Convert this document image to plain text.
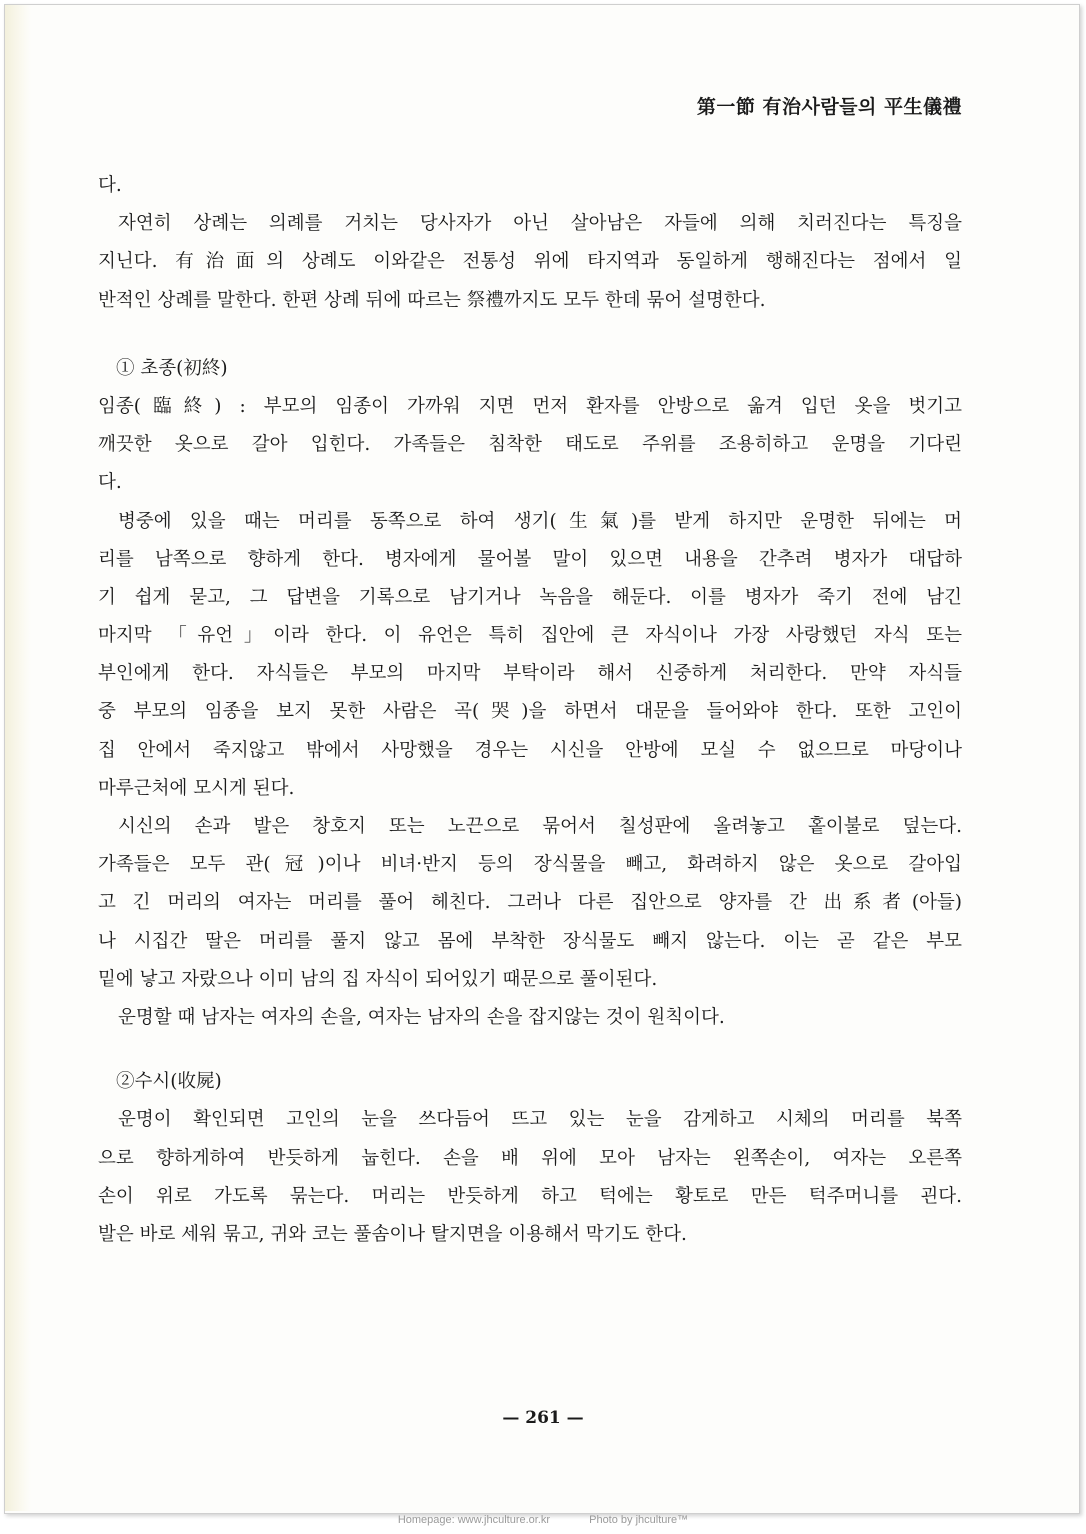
第一節 有治사람들의 平生儀禮
다.
자연히 상례는 의례를 거치는 당사자가 아닌 살아남은 자들에 의해 치러진다는 특징을
지닌다. 有治面의 상례도 이와같은 전통성 위에 타지역과 동일하게 행해진다는 점에서 일
반적인 상례를 말한다. 한편 상례 뒤에 따르는 祭禮까지도 모두 한데 묶어 설명한다.
① 초종(初終)
임종(臨終) : 부모의 임종이 가까워 지면 먼저 환자를 안방으로 옮겨 입던 옷을 벗기고
깨끗한 옷으로 갈아 입힌다. 가족들은 침착한 태도로 주위를 조용히하고 운명을 기다린
다.
병중에 있을 때는 머리를 동쪽으로 하여 생기(生氣)를 받게 하지만 운명한 뒤에는 머
리를 남쪽으로 향하게 한다. 병자에게 물어볼 말이 있으면 내용을 간추려 병자가 대답하
기 쉽게 묻고, 그 답변을 기록으로 남기거나 녹음을 해둔다. 이를 병자가 죽기 전에 남긴
마지막 「유언」이라 한다. 이 유언은 특히 집안에 큰 자식이나 가장 사랑했던 자식 또는
부인에게 한다. 자식들은 부모의 마지막 부탁이라 해서 신중하게 처리한다. 만약 자식들
중 부모의 임종을 보지 못한 사람은 곡(哭)을 하면서 대문을 들어와야 한다. 또한 고인이
집 안에서 죽지않고 밖에서 사망했을 경우는 시신을 안방에 모실 수 없으므로 마당이나
마루근처에 모시게 된다.
시신의 손과 발은 창호지 또는 노끈으로 묶어서 칠성판에 올려놓고 홑이불로 덮는다.
가족들은 모두 관(冠)이나 비녀·반지 등의 장식물을 빼고, 화려하지 않은 옷으로 갈아입
고 긴 머리의 여자는 머리를 풀어 헤친다. 그러나 다른 집안으로 양자를 간 出系者(아들)
나 시집간 딸은 머리를 풀지 않고 몸에 부착한 장식물도 빼지 않는다. 이는 곧 같은 부모
밑에 낳고 자랐으나 이미 남의 집 자식이 되어있기 때문으로 풀이된다.
운명할 때 남자는 여자의 손을, 여자는 남자의 손을 잡지않는 것이 원칙이다.
②수시(收屍)
운명이 확인되면 고인의 눈을 쓰다듬어 뜨고 있는 눈을 감게하고 시체의 머리를 북쪽
으로 향하게하여 반듯하게 눕힌다. 손을 배 위에 모아 남자는 왼쪽손이, 여자는 오른쪽
손이 위로 가도록 묶는다. 머리는 반듯하게 하고 턱에는 황토로 만든 턱주머니를 괸다.
발은 바로 세워 묶고, 귀와 코는 풀솜이나 탈지면을 이용해서 막기도 한다.
— 261 —
Homepage: www.jhculture.or.kr	Photo by jhculture™
